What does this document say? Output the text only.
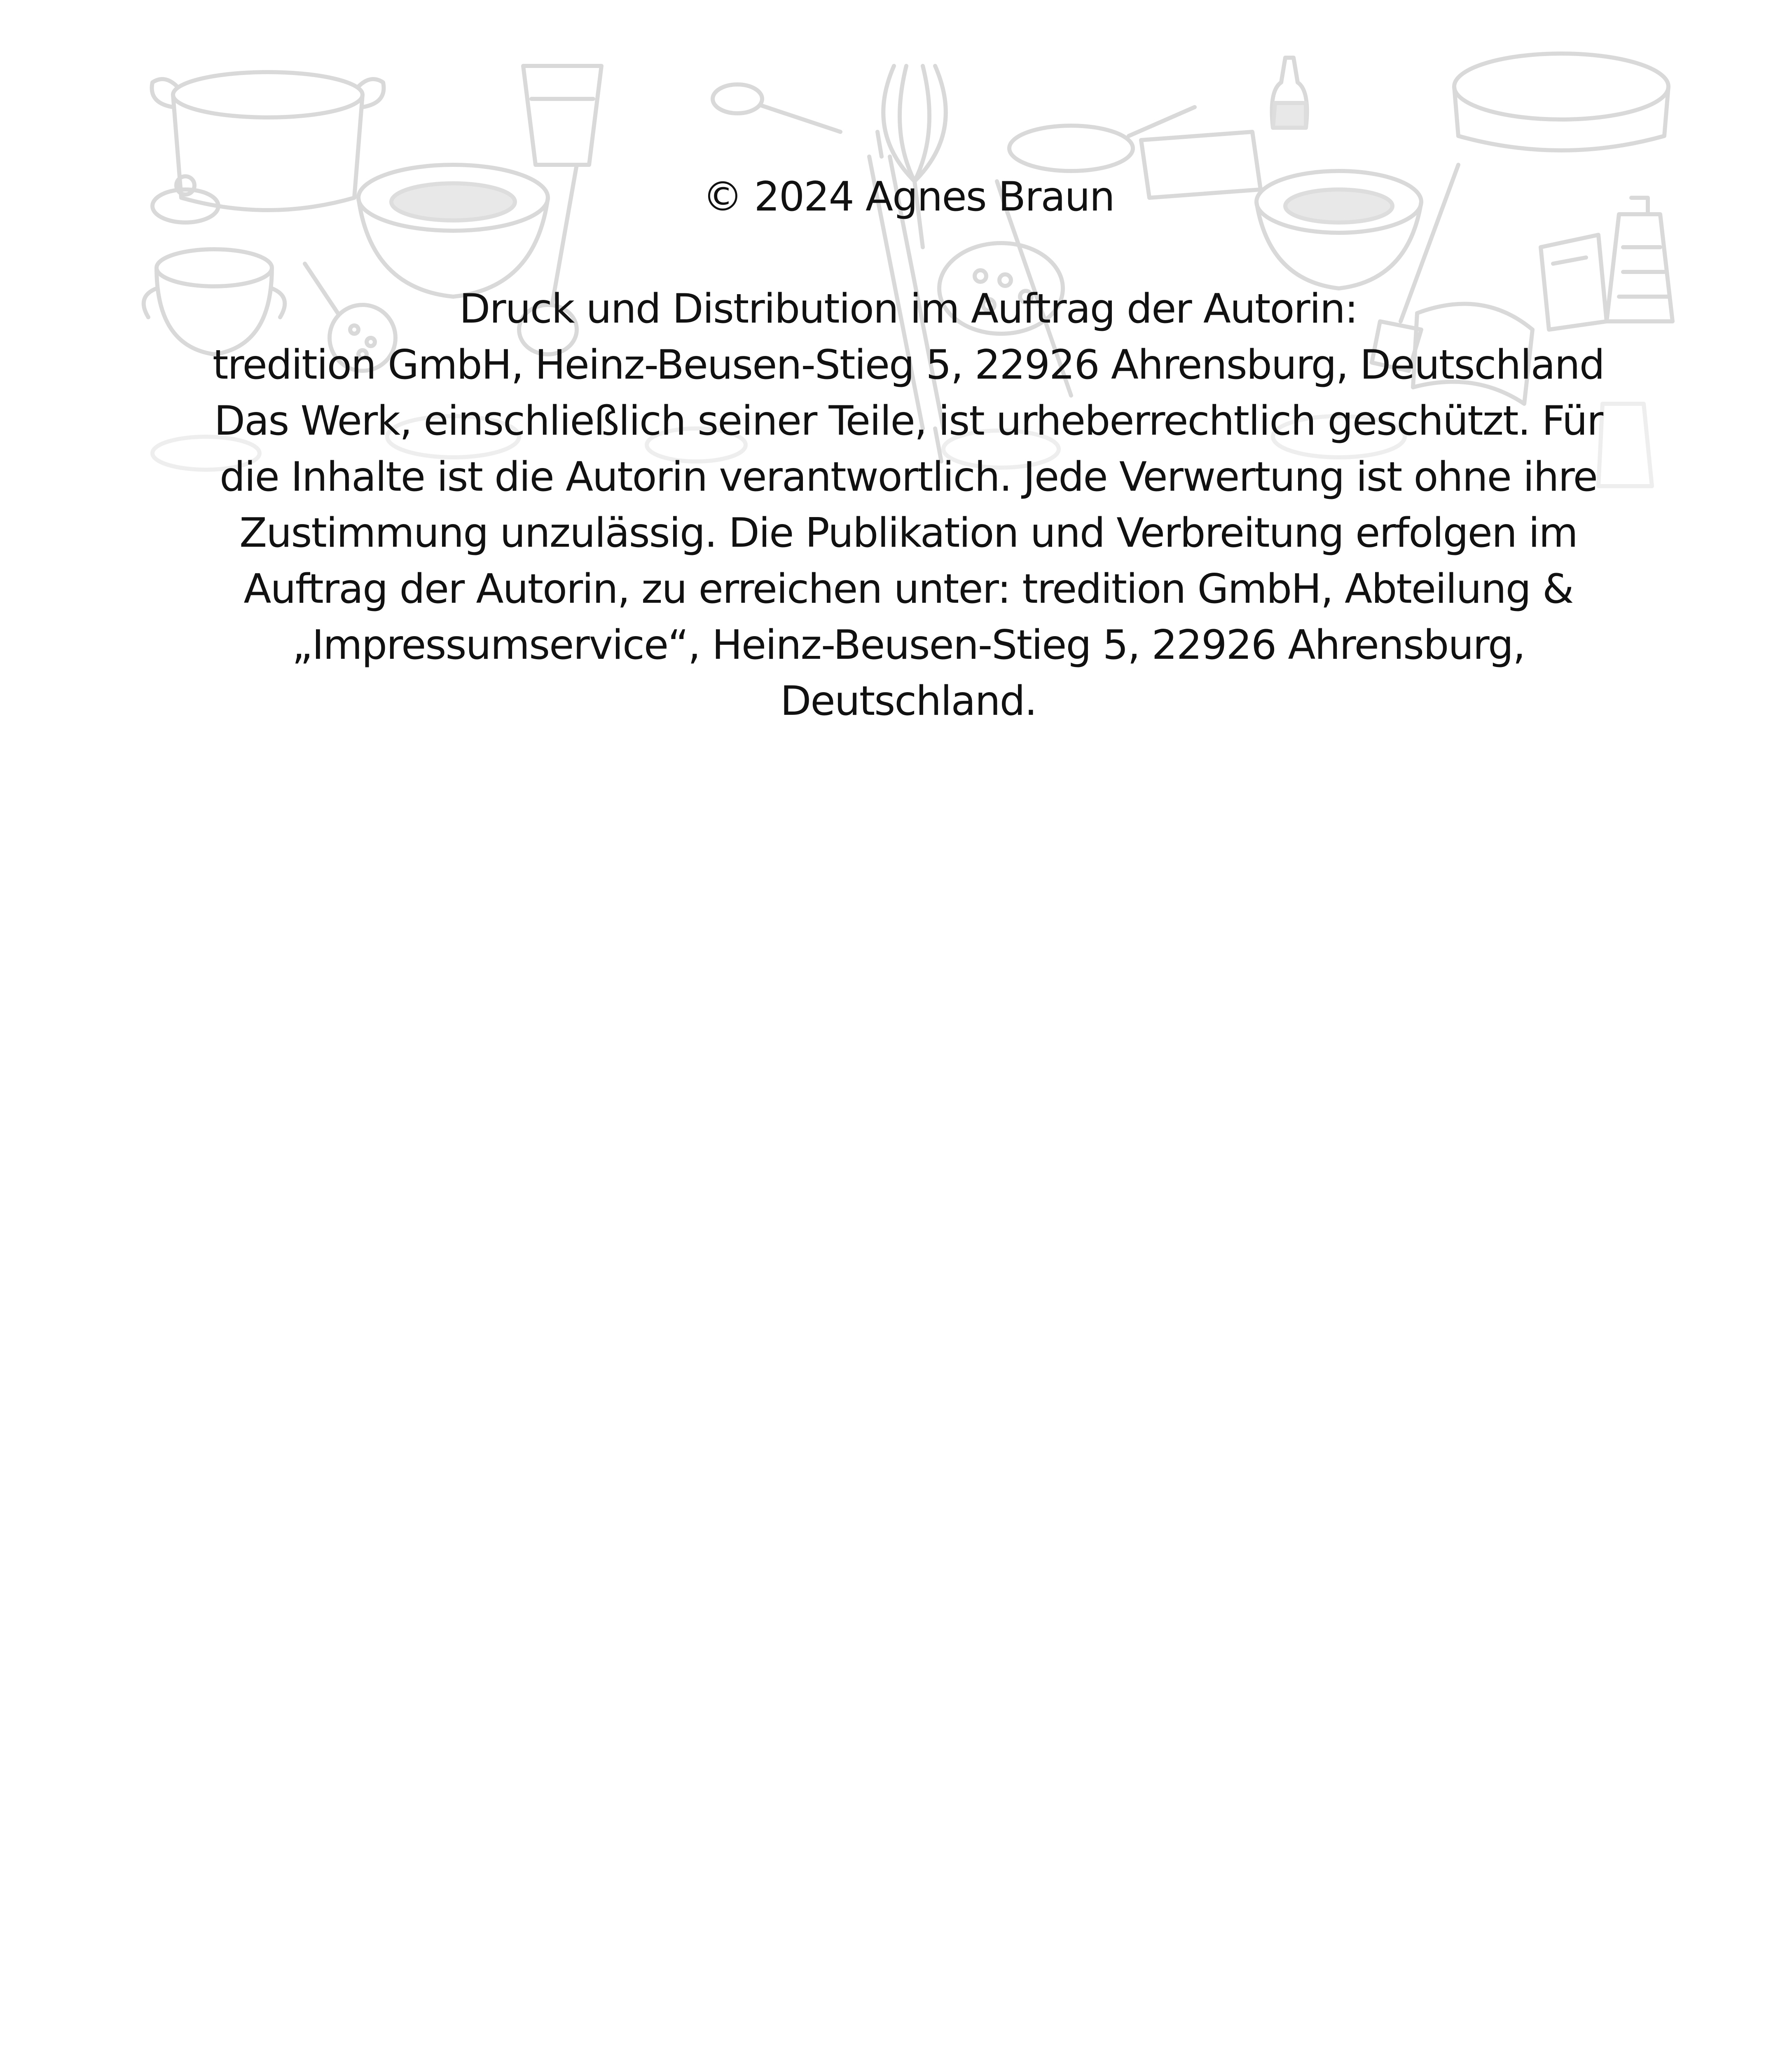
© 2024 Agnes Braun

Druck und Distribution im Auftrag der Autorin:

tredition GmbH, Heinz-Beusen-Stieg 5, 22926 Ahrensburg, Deutschland

Das Werk, einschließlich seiner Teile, ist urheberrechtlich geschützt. Für die Inhalte ist die Autorin verantwortlich. Jede Verwertung ist ohne ihre Zustimmung unzulässig. Die Publikation und Verbreitung erfolgen im Auftrag der Autorin, zu erreichen unter: tredition GmbH, Abteilung & „Impressumservice“, Heinz-Beusen-Stieg 5, 22926 Ahrensburg, Deutschland.
